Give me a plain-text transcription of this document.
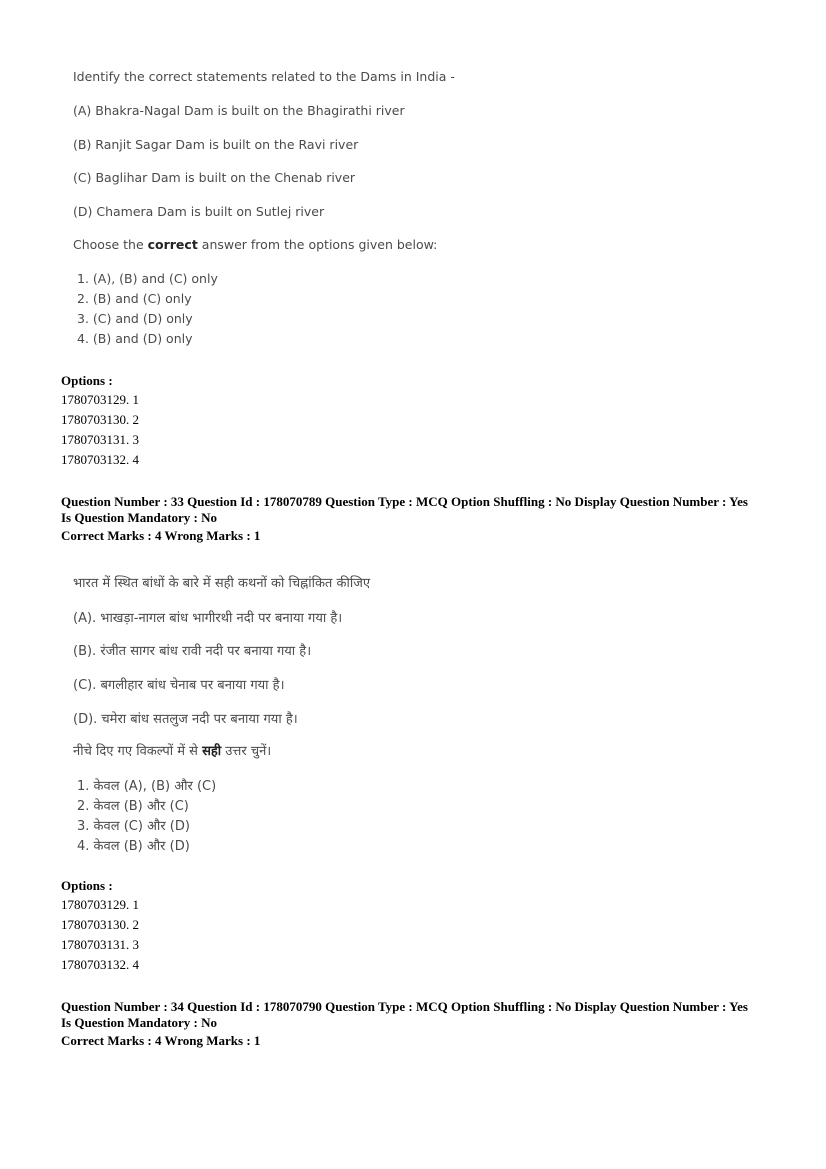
Identify the correct statements related to the Dams in India -
(A) Bhakra-Nagal Dam is built on the Bhagirathi river
(B) Ranjit Sagar Dam is built on the Ravi river
(C) Baglihar Dam is built on the Chenab river
(D) Chamera Dam is built on Sutlej river
Choose the correct answer from the options given below:
1. (A), (B) and (C) only
2. (B) and (C) only
3. (C) and (D) only
4. (B) and (D) only
Options :
1780703129. 1
1780703130. 2
1780703131. 3
1780703132. 4
Question Number : 33 Question Id : 178070789 Question Type : MCQ Option Shuffling : No Display Question Number : Yes
Is Question Mandatory : No
Correct Marks : 4 Wrong Marks : 1
भारत में स्थित बांधों के बारे में सही कथनों को चिह्नांकित कीजिए
(A). भाखड़ा-नागल बांध भागीरथी नदी पर बनाया गया है।
(B). रंजीत सागर बांध रावी नदी पर बनाया गया है।
(C). बगलीहार बांध चेनाब पर बनाया गया है।
(D). चमेरा बांध सतलुज नदी पर बनाया गया है।
नीचे दिए गए विकल्पों में से सही उत्तर चुनें।
1. केवल (A), (B) और (C)
2. केवल (B) और (C)
3. केवल (C) और (D)
4. केवल (B) और (D)
Options :
1780703129. 1
1780703130. 2
1780703131. 3
1780703132. 4
Question Number : 34 Question Id : 178070790 Question Type : MCQ Option Shuffling : No Display Question Number : Yes
Is Question Mandatory : No
Correct Marks : 4 Wrong Marks : 1
